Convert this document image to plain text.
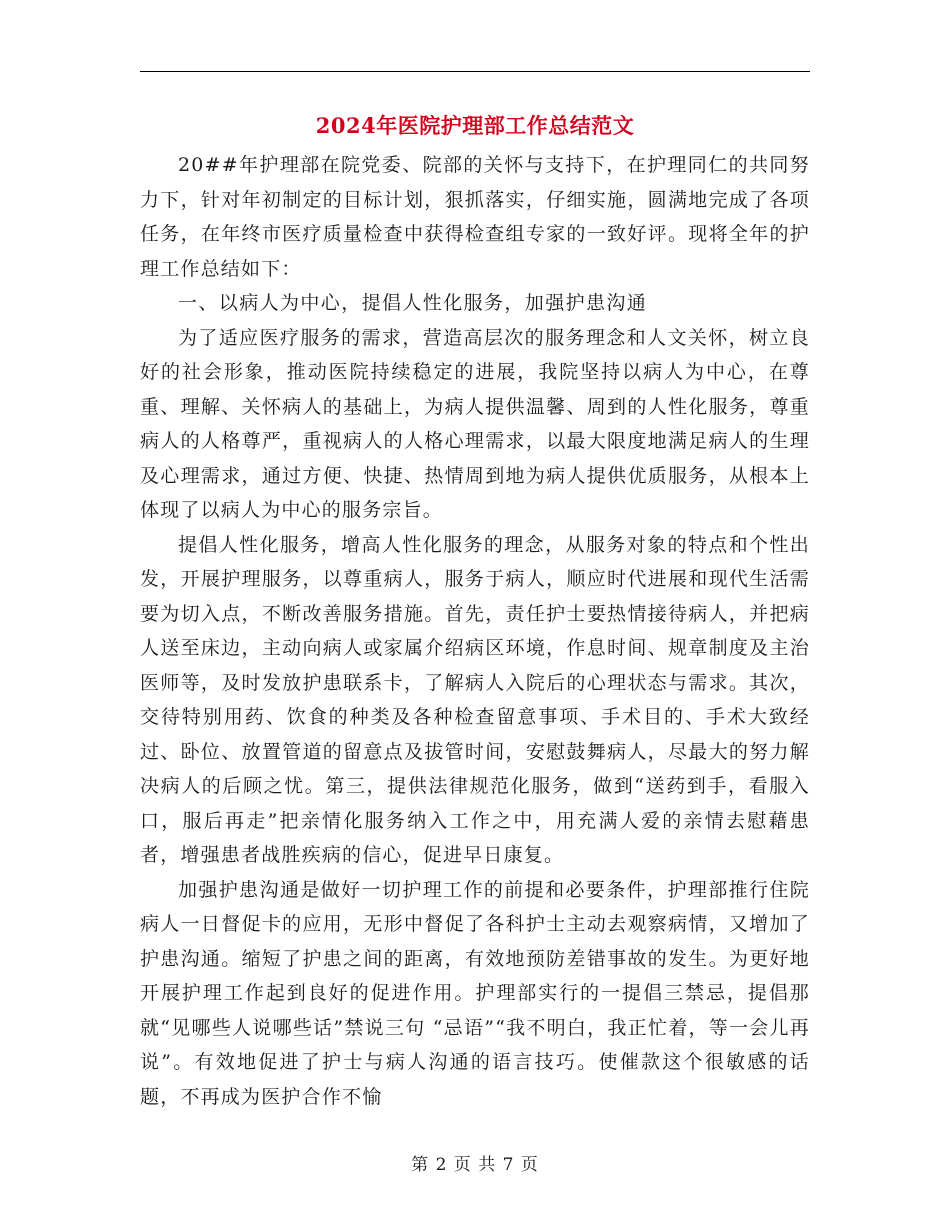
2024年医院护理部工作总结范文

20##年护理部在院党委、院部的关怀与支持下，在护理同仁的共同努力下，针对年初制定的目标计划，狠抓落实，仔细实施，圆满地完成了各项任务，在年终市医疗质量检查中获得检查组专家的一致好评。现将全年的护理工作总结如下：

一、以病人为中心，提倡人性化服务，加强护患沟通

为了适应医疗服务的需求，营造高层次的服务理念和人文关怀，树立良好的社会形象，推动医院持续稳定的进展，我院坚持以病人为中心，在尊重、理解、关怀病人的基础上，为病人提供温馨、周到的人性化服务，尊重病人的人格尊严，重视病人的人格心理需求，以最大限度地满足病人的生理及心理需求，通过方便、快捷、热情周到地为病人提供优质服务，从根本上体现了以病人为中心的服务宗旨。

提倡人性化服务，增高人性化服务的理念，从服务对象的特点和个性出发，开展护理服务，以尊重病人，服务于病人，顺应时代进展和现代生活需要为切入点，不断改善服务措施。首先，责任护士要热情接待病人，并把病人送至床边，主动向病人或家属介绍病区环境，作息时间、规章制度及主治医师等，及时发放护患联系卡，了解病人入院后的心理状态与需求。其次，交待特别用药、饮食的种类及各种检查留意事项、手术目的、手术大致经过、卧位、放置管道的留意点及拔管时间，安慰鼓舞病人，尽最大的努力解决病人的后顾之忧。第三，提供法律规范化服务，做到“送药到手，看服入口，服后再走”把亲情化服务纳入工作之中，用充满人爱的亲情去慰藉患者，增强患者战胜疾病的信心，促进早日康复。

加强护患沟通是做好一切护理工作的前提和必要条件，护理部推行住院病人一日督促卡的应用，无形中督促了各科护士主动去观察病情，又增加了护患沟通。缩短了护患之间的距离，有效地预防差错事故的发生。为更好地开展护理工作起到良好的促进作用。护理部实行的一提倡三禁忌，提倡那就“见哪些人说哪些话”禁说三句 “忌语”“我不明白，我正忙着，等一会儿再说”。有效地促进了护士与病人沟通的语言技巧。使催款这个很敏感的话题，不再成为医护合作不愉

第 2 页 共 7 页
